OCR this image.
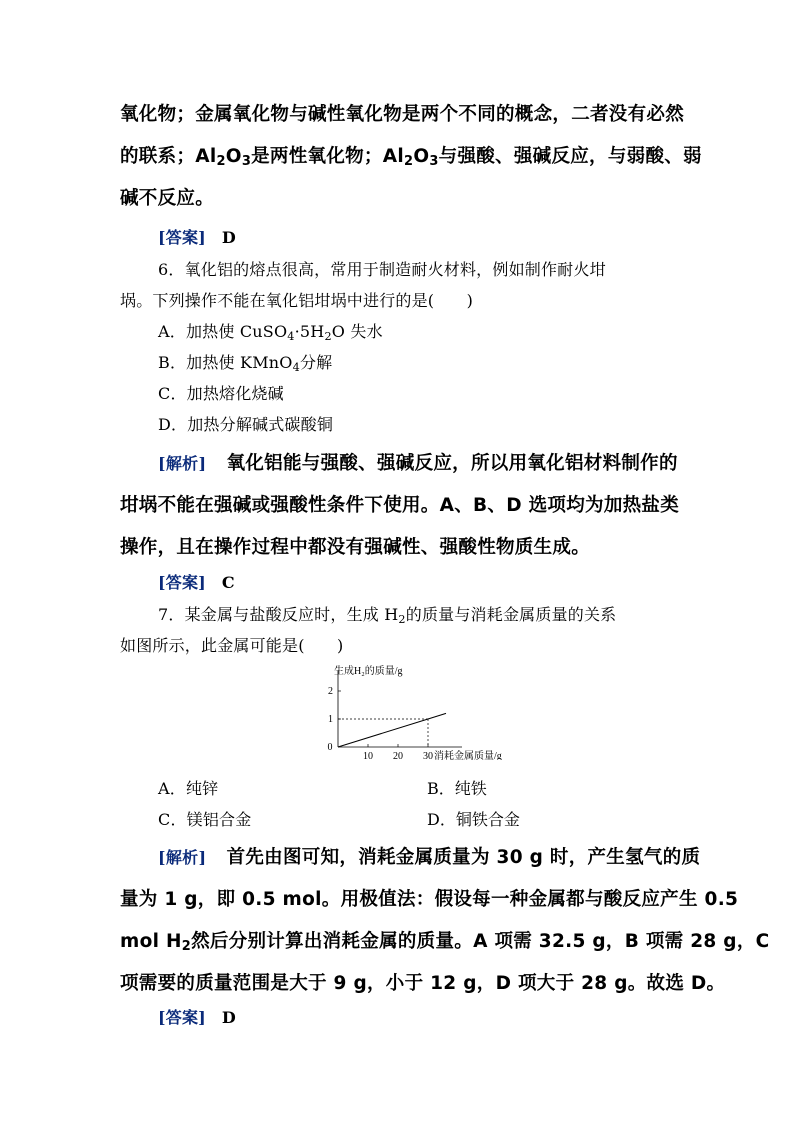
氧化物；金属氧化物与碱性氧化物是两个不同的概念，二者没有必然
的联系；$Al_2O_3$是两性氧化物；$Al_2O_3$与强酸、强碱反应，与弱酸、弱
碱不反应。
[答案] D
6．氧化铝的熔点很高，常用于制造耐火材料，例如制作耐火坩
埚。下列操作不能在氧化铝坩埚中进行的是(　　)
A．加热使 $CuSO_4\cdot 5H_2O$ 失水
B．加热使 KMnO$_4$分解
C．加热熔化烧碱
D．加热分解碱式碳酸铜
[解析] 氧化铝能与强酸、强碱反应，所以用氧化铝材料制作的
坩埚不能在强碱或强酸性条件下使用。A、B、D 选项均为加热盐类
操作，且在操作过程中都没有强碱性、强酸性物质生成。
[答案] C
7．某金属与盐酸反应时，生成 $H_2$的质量与消耗金属质量的关系
如图所示，此金属可能是(　　)
生成H₂的质量/g
消耗金属质量/g
0
10 20 30
1
2
A．纯锌	B．纯铁
C．镁铝合金	D．铜铁合金
[解析] 首先由图可知，消耗金属质量为 30 g 时，产生氢气的质
量为 1 g，即 0.5 mol。用极值法：假设每一种金属都与酸反应产生 0.5
mol $H_2$然后分别计算出消耗金属的质量。A 项需 32.5 g，B 项需 28 g，C
项需要的质量范围是大于 9 g，小于 12 g，D 项大于 28 g。故选 D。
[答案] D
